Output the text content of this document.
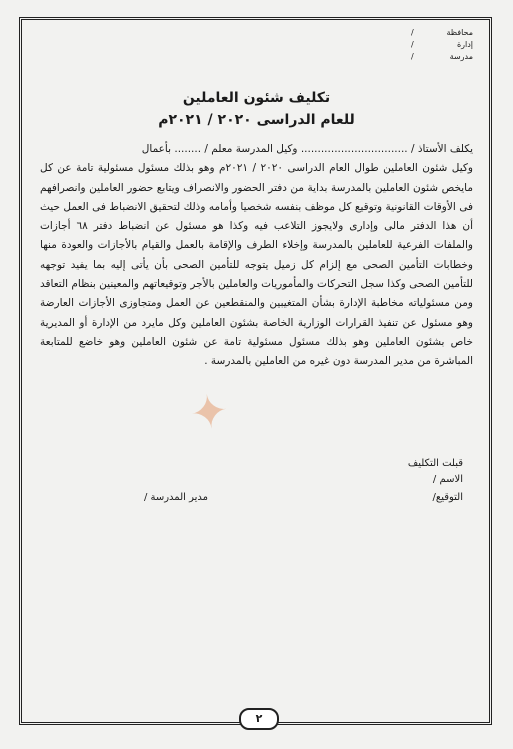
محافظة
/
إدارة
/
مدرسة
/
تكليف شئون العاملين
للعام الدراسى ٢٠٢٠ / ٢٠٢١م

يكلف الأستاذ / ................................ وكيل المدرسة معلم / ........ بأعمال

وكيل شئون العاملين طوال العام الدراسى ٢٠٢٠ / ٢٠٢١م وهو بذلك مسئول مسئولية تامة عن كل مايخص شئون العاملين بالمدرسة بداية من دفتر الحضور والانصراف ويتابع حضور العاملين وانصرافهم فى الأوقات القانونية وتوقيع كل موظف بنفسه شخصيا وأمامه وذلك لتحقيق الانضباط فى العمل حيث أن هذا الدفتر مالى وإدارى ولايجوز التلاعب فيه وكذا هو مسئول عن انضباط دفتر ٦٨ أجازات والملفات الفرعية للعاملين بالمدرسة وإخلاء الطرف والإقامة بالعمل والقيام بالأجازات والعودة منها وخطابات التأمين الصحى مع إلزام كل زميل يتوجه للتأمين الصحى بأن يأتى إليه بما يفيد توجهه للتأمين الصحى وكذا سجل التحركات والمأموريات والعاملين بالأجر وتوقيعاتهم والمعينين بنظام التعاقد ومن مسئولياته مخاطبة الإدارة بشأن المتغيبين والمنقطعين عن العمل ومتجاوزى الأجازات العارضة وهو مسئول عن تنفيذ القرارات الوزارية الخاصة بشئون العاملين وكل مايرد من الإدارة أو المديرية خاص بشئون العاملين وهو بذلك مسئول مسئولية تامة عن شئون العاملين وهو خاضع للمتابعة المباشرة من مدير المدرسة دون غيره من العاملين بالمدرسة .

قبلت التكليف
الاسم /
التوقيع/
مدير المدرسة /
✦
٢
